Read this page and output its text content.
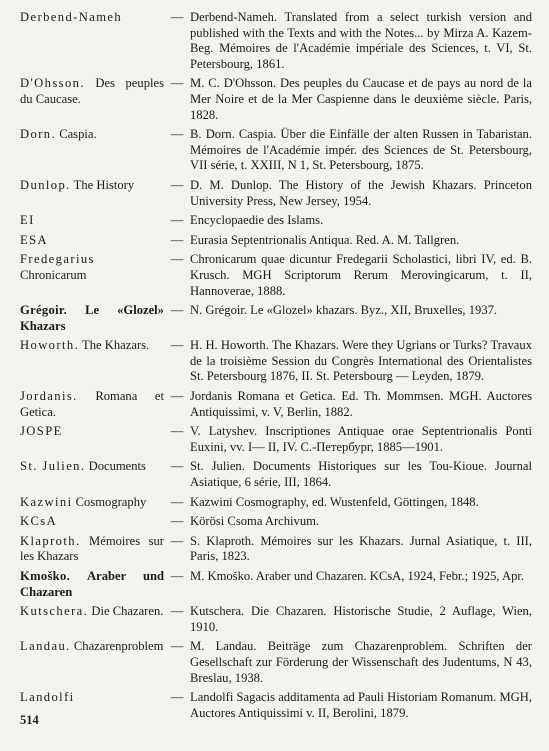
Derbend-Nameh	— Derbend-Nameh. Translated from a select turkish version and published with the Texts and with the Notes... by Mirza A. Kazem-Beg. Mémoires de l'Académie impériale des Sciences, t. VI, St. Petersbourg, 1861.
D'Ohsson. Des peuples du Caucase.
— M. C. D'Ohsson. Des peuples du Caucase et de pays au nord de la Mer Noire et de la Mer Caspienne dans le deuxième siècle. Paris, 1828.
Dorn. Caspia.	— B. Dorn. Caspia. Über die Einfälle der alten Russen in Tabaristan. Mémoires de l'Académie impér. des Sciences de St. Petersbourg, VII série, t. XXIII, N 1, St. Petersbourg, 1875.
Dunlop. The History	— D. M. Dunlop. The History of the Jewish Khazars. Princeton University Press, New Jersey, 1954.
EI	— Encyclopaedie des Islams.
ESA	— Eurasia Septentrionalis Antiqua. Red. A. M. Tallgren.
Fredegarius Chronicarum
— Chronicarum quae dicuntur Fredegarii Scholastici, libri IV, ed. B. Krusch. MGH Scriptorum Rerum Merovingicarum, t. II, Hannoverae, 1888.
Grégoir. Le «Glozel» Khazars
— N. Grégoir. Le «Glozel» khazars. Byz., XII, Bruxelles, 1937.
Howorth. The Khazars.	— H. H. Howorth. The Khazars. Were they Ugrians or Turks? Travaux de la troisième Session du Congrès International des Orientalistes St. Petersbourg 1876, II. St. Petersbourg — Leyden, 1879.
Jordanis. Romana et Getica.
— Jordanis Romana et Getica. Ed. Th. Mommsen. MGH. Auctores Antiquissimi, v. V, Berlin, 1882.
JOSPE	— V. Latyshev. Inscriptiones Antiquae orae Septentrionalis Ponti Euxini, vv. I— II, IV. С.-Петербург, 1885—1901.
St. Julien. Documents	— St. Julien. Documents Historiques sur les Tou-Kioue. Journal Asiatique, 6 série, III, 1864.
Kazwini Cosmography	— Kazwini Cosmography, ed. Wustenfeld, Göttingen, 1848.
KCsA	— Körösi Csoma Archivum.
Klaproth. Mémoires sur les Khazars
— S. Klaproth. Mémoires sur les Khazars. Jurnal Asiatique, t. III, Paris, 1823.
Kmoško. Araber und Chazaren
— M. Kmoško. Araber und Chazaren. KCsA, 1924, Febr.; 1925, Apr.
Kutschera. Die Chazaren. — Kutschera. Die Chazaren. Historische Studie, 2 Auflage, Wien, 1910.
Landau. Chazarenproblem — M. Landau. Beiträge zum Chazarenproblem. Schriften der Gesellschaft zur Förderung der Wissenschaft des Judentums, N 43, Breslau, 1938.
Landolfi	— Landolfi Sagacis additamenta ad Pauli Historiam Romanum. MGH, Auctores Antiquissimi v. II, Berolini, 1879.
514
